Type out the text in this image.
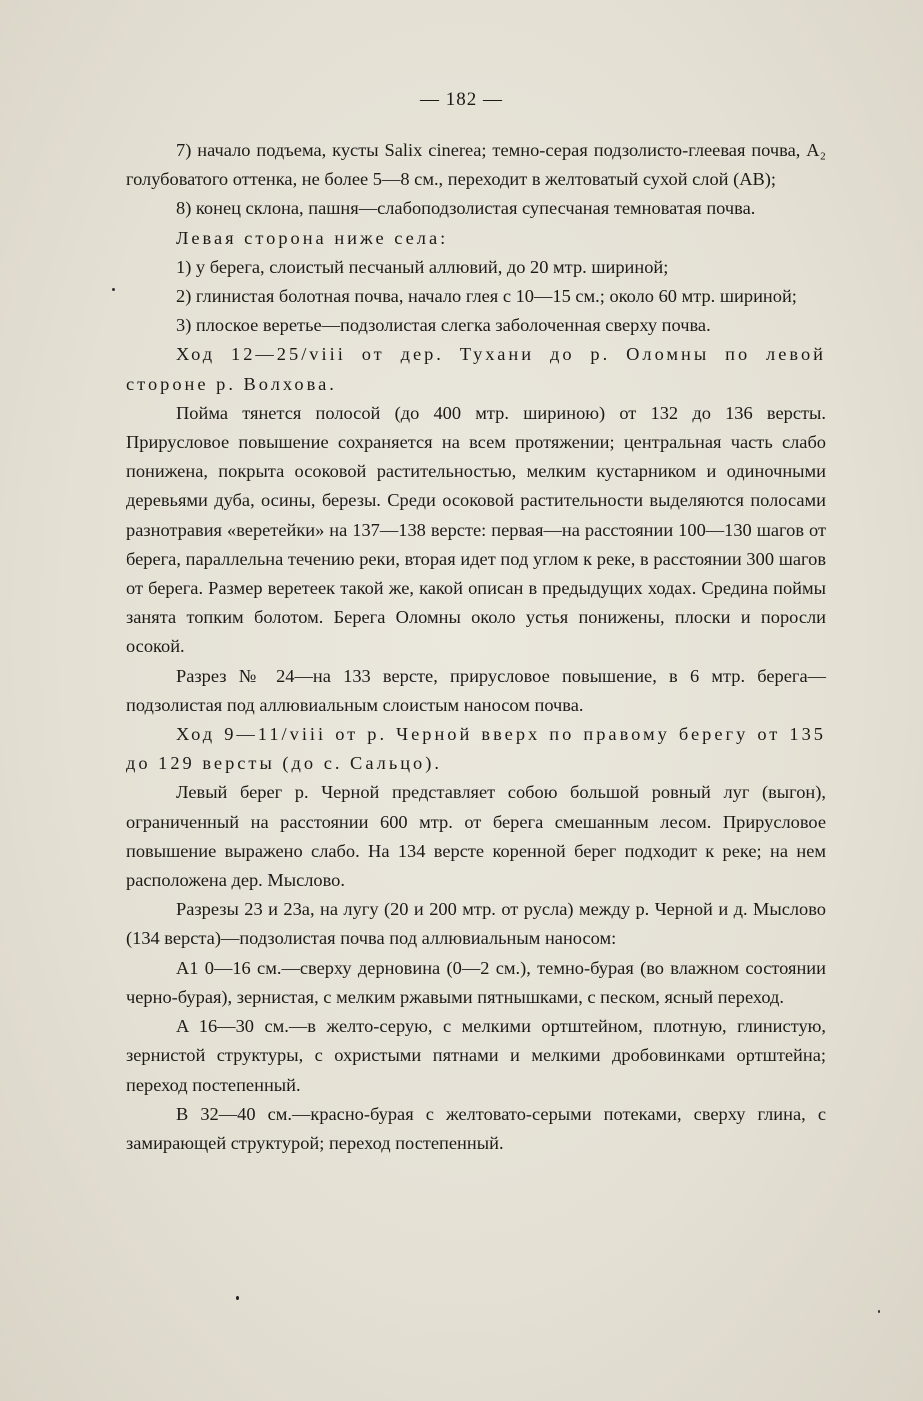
— 182 —

7) начало подъема, кусты Salix cinerea; темно-серая подзолисто-глеевая почва, A₂ голубоватого оттенка, не более 5—8 см., переходит в желтоватый сухой слой (AB);

8) конец склона, пашня—слабоподзолистая супесчаная темноватая почва.

Левая сторона ниже села:

1) у берега, слоистый песчаный аллювий, до 20 мтр. шириной;

2) глинистая болотная почва, начало глея с 10—15 см.; около 60 мтр. шириной;

3) плоское веретье—подзолистая слегка заболоченная сверху почва.

Ход 12—25/viii от дер. Тухани до р. Оломны по левой стороне р. Волхова.

Пойма тянется полосой (до 400 мтр. шириною) от 132 до 136 версты. Прирусловое повышение сохраняется на всем протяжении; центральная часть слабо понижена, покрыта осоковой растительностью, мелким кустарником и одиночными деревьями дуба, осины, березы. Среди осоковой растительности выделяются полосами разнотравия «веретейки» на 137—138 версте: первая—на расстоянии 100—130 шагов от берега, параллельна течению реки, вторая идет под углом к реке, в расстоянии 300 шагов от берега. Размер веретеек такой же, какой описан в предыдущих ходах. Средина поймы занята топким болотом. Берега Оломны около устья понижены, плоски и поросли осокой.

Разрез № 24—на 133 версте, прирусловое повышение, в 6 мтр. берега—подзолистая под аллювиальным слоистым наносом почва.

Ход 9—11/viii от р. Черной вверх по правому берегу от 135 до 129 версты (до с. Сальцо).

Левый берег р. Черной представляет собою большой ровный луг (выгон), ограниченный на расстоянии 600 мтр. от берега смешанным лесом. Прирусловое повышение выражено слабо. На 134 версте коренной берег подходит к реке; на нем расположена дер. Мыслово.

Разрезы 23 и 23а, на лугу (20 и 200 мтр. от русла) между р. Черной и д. Мыслово (134 верста)—подзолистая почва под аллювиальным наносом:

A1 0—16 см.—сверху дерновина (0—2 см.), темно-бурая (во влажном состоянии черно-бурая), зернистая, с мелким ржавыми пятнышками, с песком, ясный переход.

A 16—30 см.—в желто-серую, с мелкими ортштейном, плотную, глинистую, зернистой структуры, с охристыми пятнами и мелкими дробовинками ортштейна; переход постепенный.

B 32—40 см.—красно-бурая с желтовато-серыми потеками, сверху глина, с замирающей структурой; переход постепенный.
